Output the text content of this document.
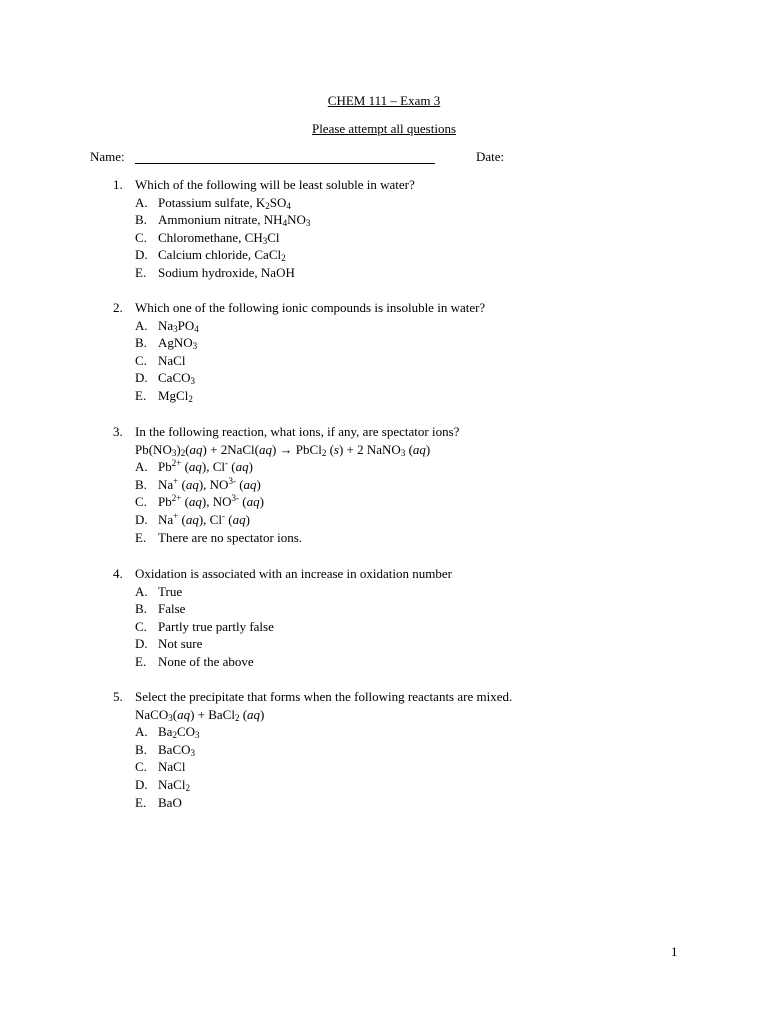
CHEM 111 – Exam 3
Please attempt all questions
Name:	Date:
1. Which of the following will be least soluble in water?
A. Potassium sulfate, $K_2SO_4$
B. Ammonium nitrate, $NH_4NO_3$
C. Chloromethane, $CH_3Cl$
D. Calcium chloride, CaCl$_2$
E. Sodium hydroxide, NaOH
2. Which one of the following ionic compounds is insoluble in water?
A. $Na_3PO_4$
B. AgNO$_3$
C. NaCl
D. CaCO$_3$
E. MgCl$_2$
3. In the following reaction, what ions, if any, are spectator ions?
$Pb(NO_3)_2(aq)$ + 2NaCl(aq) → PbCl$_2$ (s) + 2 NaNO$_3$ (aq)
A. $Pb^{2+}$ (aq), Cl- (aq)
B. Na+ (aq), $NO^{3-}$ (aq)
C. $Pb^{2+}$ (aq), $NO^{3-}$ (aq)
D. Na+ (aq), Cl- (aq)
E. There are no spectator ions.
4. Oxidation is associated with an increase in oxidation number
A. True
B. False
C. Partly true partly false
D. Not sure
E. None of the above
5. Select the precipitate that forms when the following reactants are mixed.
NaCO$_3$(aq) + BaCl$_2$ (aq)
A. $Ba_2CO_3$
B. BaCO$_3$
C. NaCl
D. NaCl$_2$
E. BaO
1
